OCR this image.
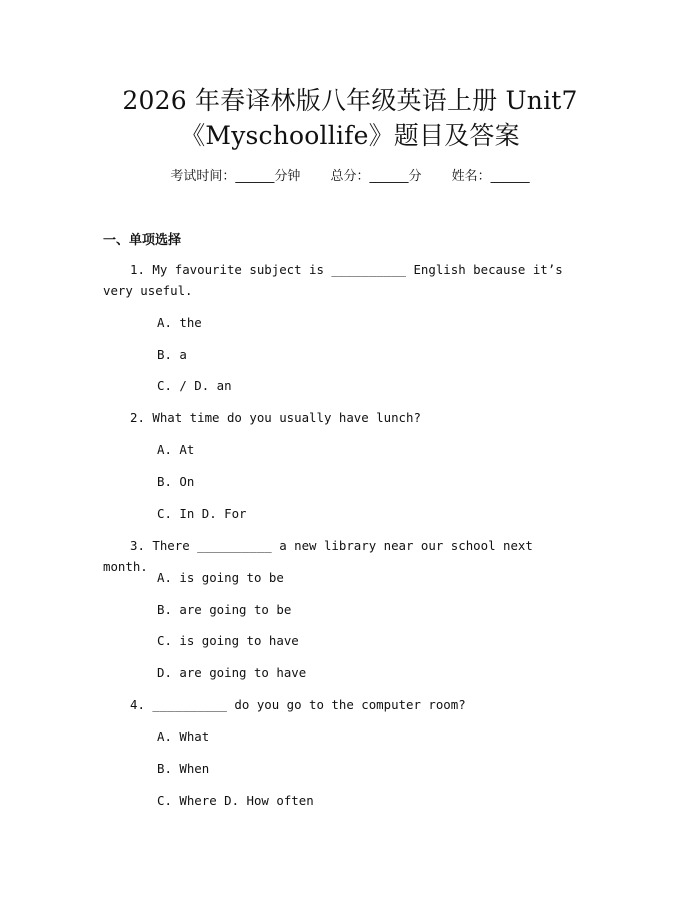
2026 年春译林版八年级英语上册 Unit7
《Myschoollife》题目及答案
考试时间：______分钟 总分：______分 姓名：______
一、单项选择
1. My favourite subject is __________ English because it’s very useful.
A. the
B. a
C. / D. an
2. What time do you usually have lunch?
A. At
B. On
C. In D. For
3. There __________ a new library near our school next month.
A. is going to be
B. are going to be
C. is going to have
D. are going to have
4. __________ do you go to the computer room?
A. What
B. When
C. Where D. How often
